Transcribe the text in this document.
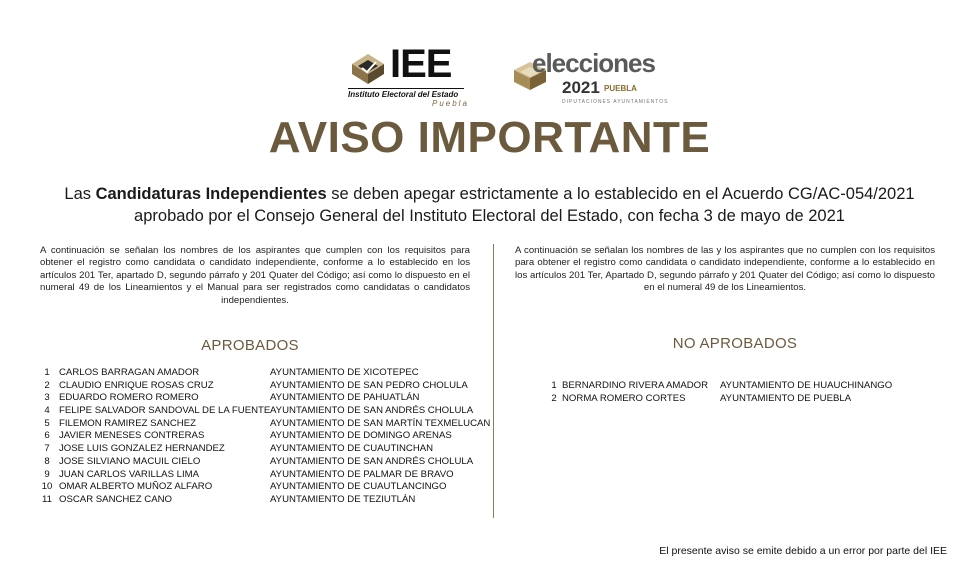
IEE
Instituto Electoral del Estado
Puebla
elecciones
2021 PUEBLA
DIPUTACIONES AYUNTAMIENTOS
AVISO IMPORTANTE
Las Candidaturas Independientes se deben apegar estrictamente a lo establecido en el Acuerdo CG/AC-054/2021 aprobado por el Consejo General del Instituto Electoral del Estado, con fecha 3 de mayo de 2021
A continuación se señalan los nombres de los aspirantes que cumplen con los requisitos para obtener el registro como candidata o candidato independiente, conforme a lo establecido en los artículos 201 Ter, apartado D, segundo párrafo y 201 Quater del Código; así como lo dispuesto en el numeral 49 de los Lineamientos y el Manual para ser registrados como candidatas o candidatos independientes.
A continuación se señalan los nombres de las y los aspirantes que no cumplen con los requisitos para obtener el registro como candidata o candidato independiente, conforme a lo establecido en los artículos 201 Ter, Apartado D, segundo párrafo y 201 Quater del Código; así como lo dispuesto en el numeral 49 de los Lineamientos.
APROBADOS	NO APROBADOS
1 CARLOS BARRAGAN AMADOR	AYUNTAMIENTO DE XICOTEPEC
2 CLAUDIO ENRIQUE ROSAS CRUZ	AYUNTAMIENTO DE SAN PEDRO CHOLULA
3 EDUARDO ROMERO ROMERO	AYUNTAMIENTO DE PAHUATLÁN
4 FELIPE SALVADOR SANDOVAL DE LA FUENTE AYUNTAMIENTO DE SAN ANDRÉS CHOLULA
5 FILEMON RAMIREZ SANCHEZ	AYUNTAMIENTO DE SAN MARTÍN TEXMELUCAN
6 JAVIER MENESES CONTRERAS	AYUNTAMIENTO DE DOMINGO ARENAS
7 JOSE LUIS GONZALEZ HERNANDEZ	AYUNTAMIENTO DE CUAUTINCHAN
8 JOSE SILVIANO MACUIL CIELO	AYUNTAMIENTO DE SAN ANDRÉS CHOLULA
9 JUAN CARLOS VARILLAS LIMA	AYUNTAMIENTO DE PALMAR DE BRAVO
10 OMAR ALBERTO MUÑOZ ALFARO	AYUNTAMIENTO DE CUAUTLANCINGO
11 OSCAR SANCHEZ CANO	AYUNTAMIENTO DE TEZIUTLÁN
1 BERNARDINO RIVERA AMADOR AYUNTAMIENTO DE HUAUCHINANGO
2 NORMA ROMERO CORTES	AYUNTAMIENTO DE PUEBLA
El presente aviso se emite debido a un error por parte del IEE
